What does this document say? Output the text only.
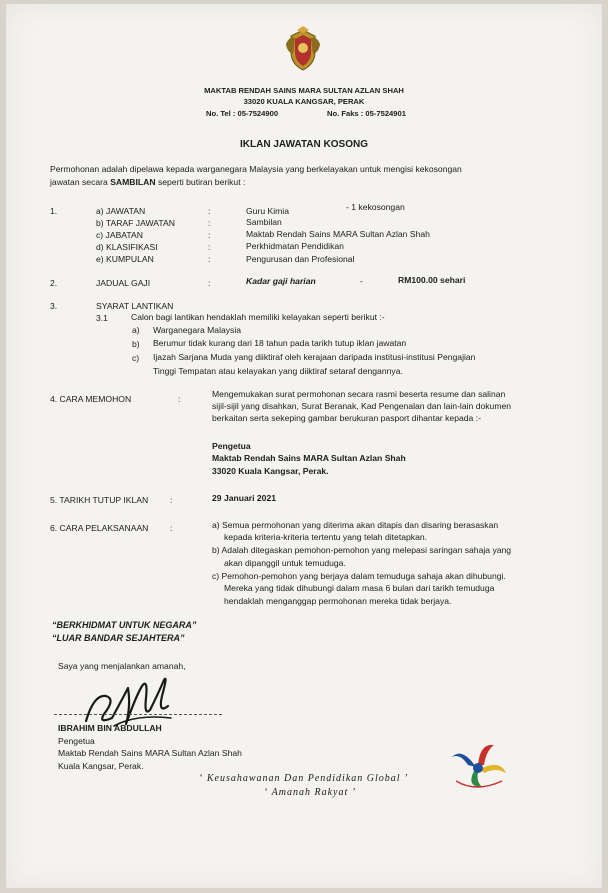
MAKTAB RENDAH SAINS MARA SULTAN AZLAN SHAH
33020 KUALA KANGSAR, PERAK
No. Tel : 05-7524900	No. Faks : 05-7524901
IKLAN JAWATAN KOSONG
Permohonan adalah dipelawa kepada warganegara Malaysia yang berkelayakan untuk mengisi kekosongan
jawatan secara SAMBILAN seperti butiran berikut :
1.	a) JAWATAN	:	Guru Kimia	- 1 kekosongan
b) TARAF JAWATAN	:	Sambilan
c) JABATAN	:	Maktab Rendah Sains MARA Sultan Azlan Shah
d) KLASIFIKASI	:	Perkhidmatan Pendidikan
e) KUMPULAN	:	Pengurusan dan Profesional
2.	JADUAL GAJI	:	Kadar gaji harian	-	RM100.00 sehari
3.	SYARAT LANTIKAN
3.1	Calon bagi lantikan hendaklah memiliki kelayakan seperti berikut :-
a) Warganegara Malaysia
b) Berumur tidak kurang dari 18 tahun pada tarikh tutup iklan jawatan
c) Ijazah Sarjana Muda yang diiktiraf oleh kerajaan daripada institusi-institusi Pengajian
Tinggi Tempatan atau kelayakan yang diiktiraf setaraf dengannya.
4. CARA MEMOHON	:	Mengemukakan surat permohonan secara rasmi beserta resume dan salinan
sijil-sijil yang disahkan, Surat Beranak, Kad Pengenalan dan lain-lain dokumen
berkaitan serta sekeping gambar berukuran pasport dihantar kepada :-
Pengetua
Maktab Rendah Sains MARA Sultan Azlan Shah
33020 Kuala Kangsar, Perak.
5. TARIKH TUTUP IKLAN	:	29 Januari 2021
6. CARA PELAKSANAAN	:	a) Semua permohonan yang diterima akan ditapis dan disaring berasaskan
kepada kriteria-kriteria tertentu yang telah ditetapkan.
b) Adalah ditegaskan pemohon-pemohon yang melepasi saringan sahaja yang
akan dipanggil untuk temuduga.
c) Pemohon-pemohon yang berjaya dalam temuduga sahaja akan dihubungi.
Mereka yang tidak dihubungi dalam masa 6 bulan dari tarikh temuduga
hendaklah menganggap permohonan mereka tidak berjaya.
“BERKHIDMAT UNTUK NEGARA”
“LUAR BANDAR SEJAHTERA”
Saya yang menjalankan amanah,
IBRAHIM BIN ABDULLAH
Pengetua
Maktab Rendah Sains MARA Sultan Azlan Shah
Kuala Kangsar, Perak.
‘ Keusahawanan Dan Pendidikan Global ’
‘ Amanah Rakyat ’
